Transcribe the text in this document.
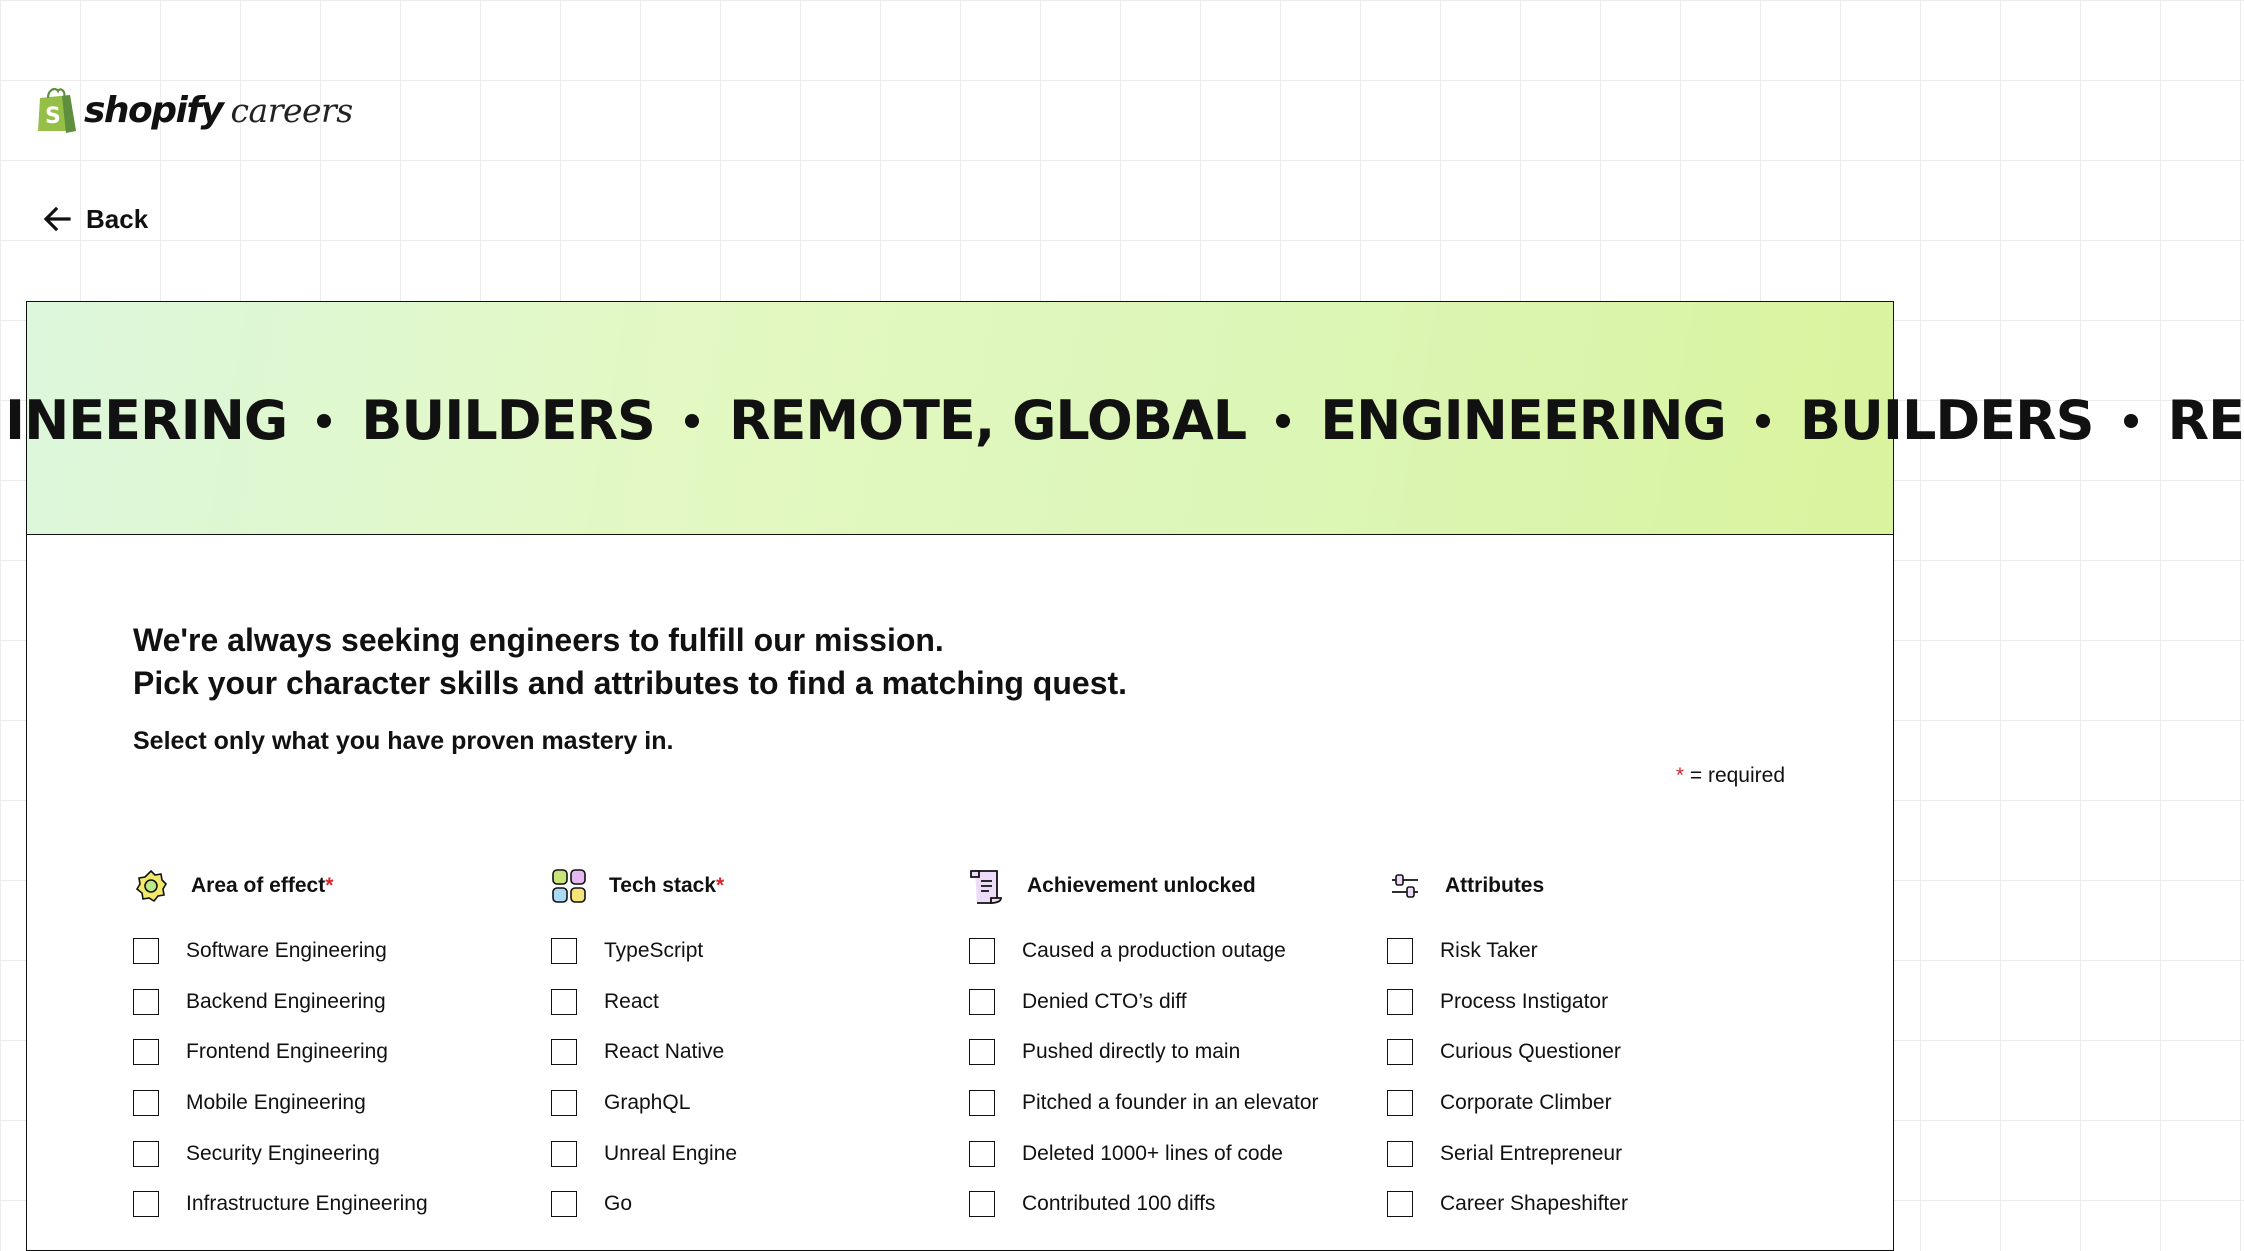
S shopify careers
Back
INEERING BUILDERS REMOTE, GLOBAL ENGINEERING BUILDERS RE
We're always seeking engineers to fulfill our mission.
Pick your character skills and attributes to find a matching quest.
Select only what you have proven mastery in.
* = required
Area of effect *
Software Engineering
Backend Engineering
Frontend Engineering
Mobile Engineering
Security Engineering
Infrastructure Engineering
Tech stack *
TypeScript
React
React Native
GraphQL
Unreal Engine
Go
Achievement unlocked
Caused a production outage
Denied CTO’s diff
Pushed directly to main
Pitched a founder in an elevator
Deleted 1000+ lines of code
Contributed 100 diffs
Attributes
Risk Taker
Process Instigator
Curious Questioner
Corporate Climber
Serial Entrepreneur
Career Shapeshifter
